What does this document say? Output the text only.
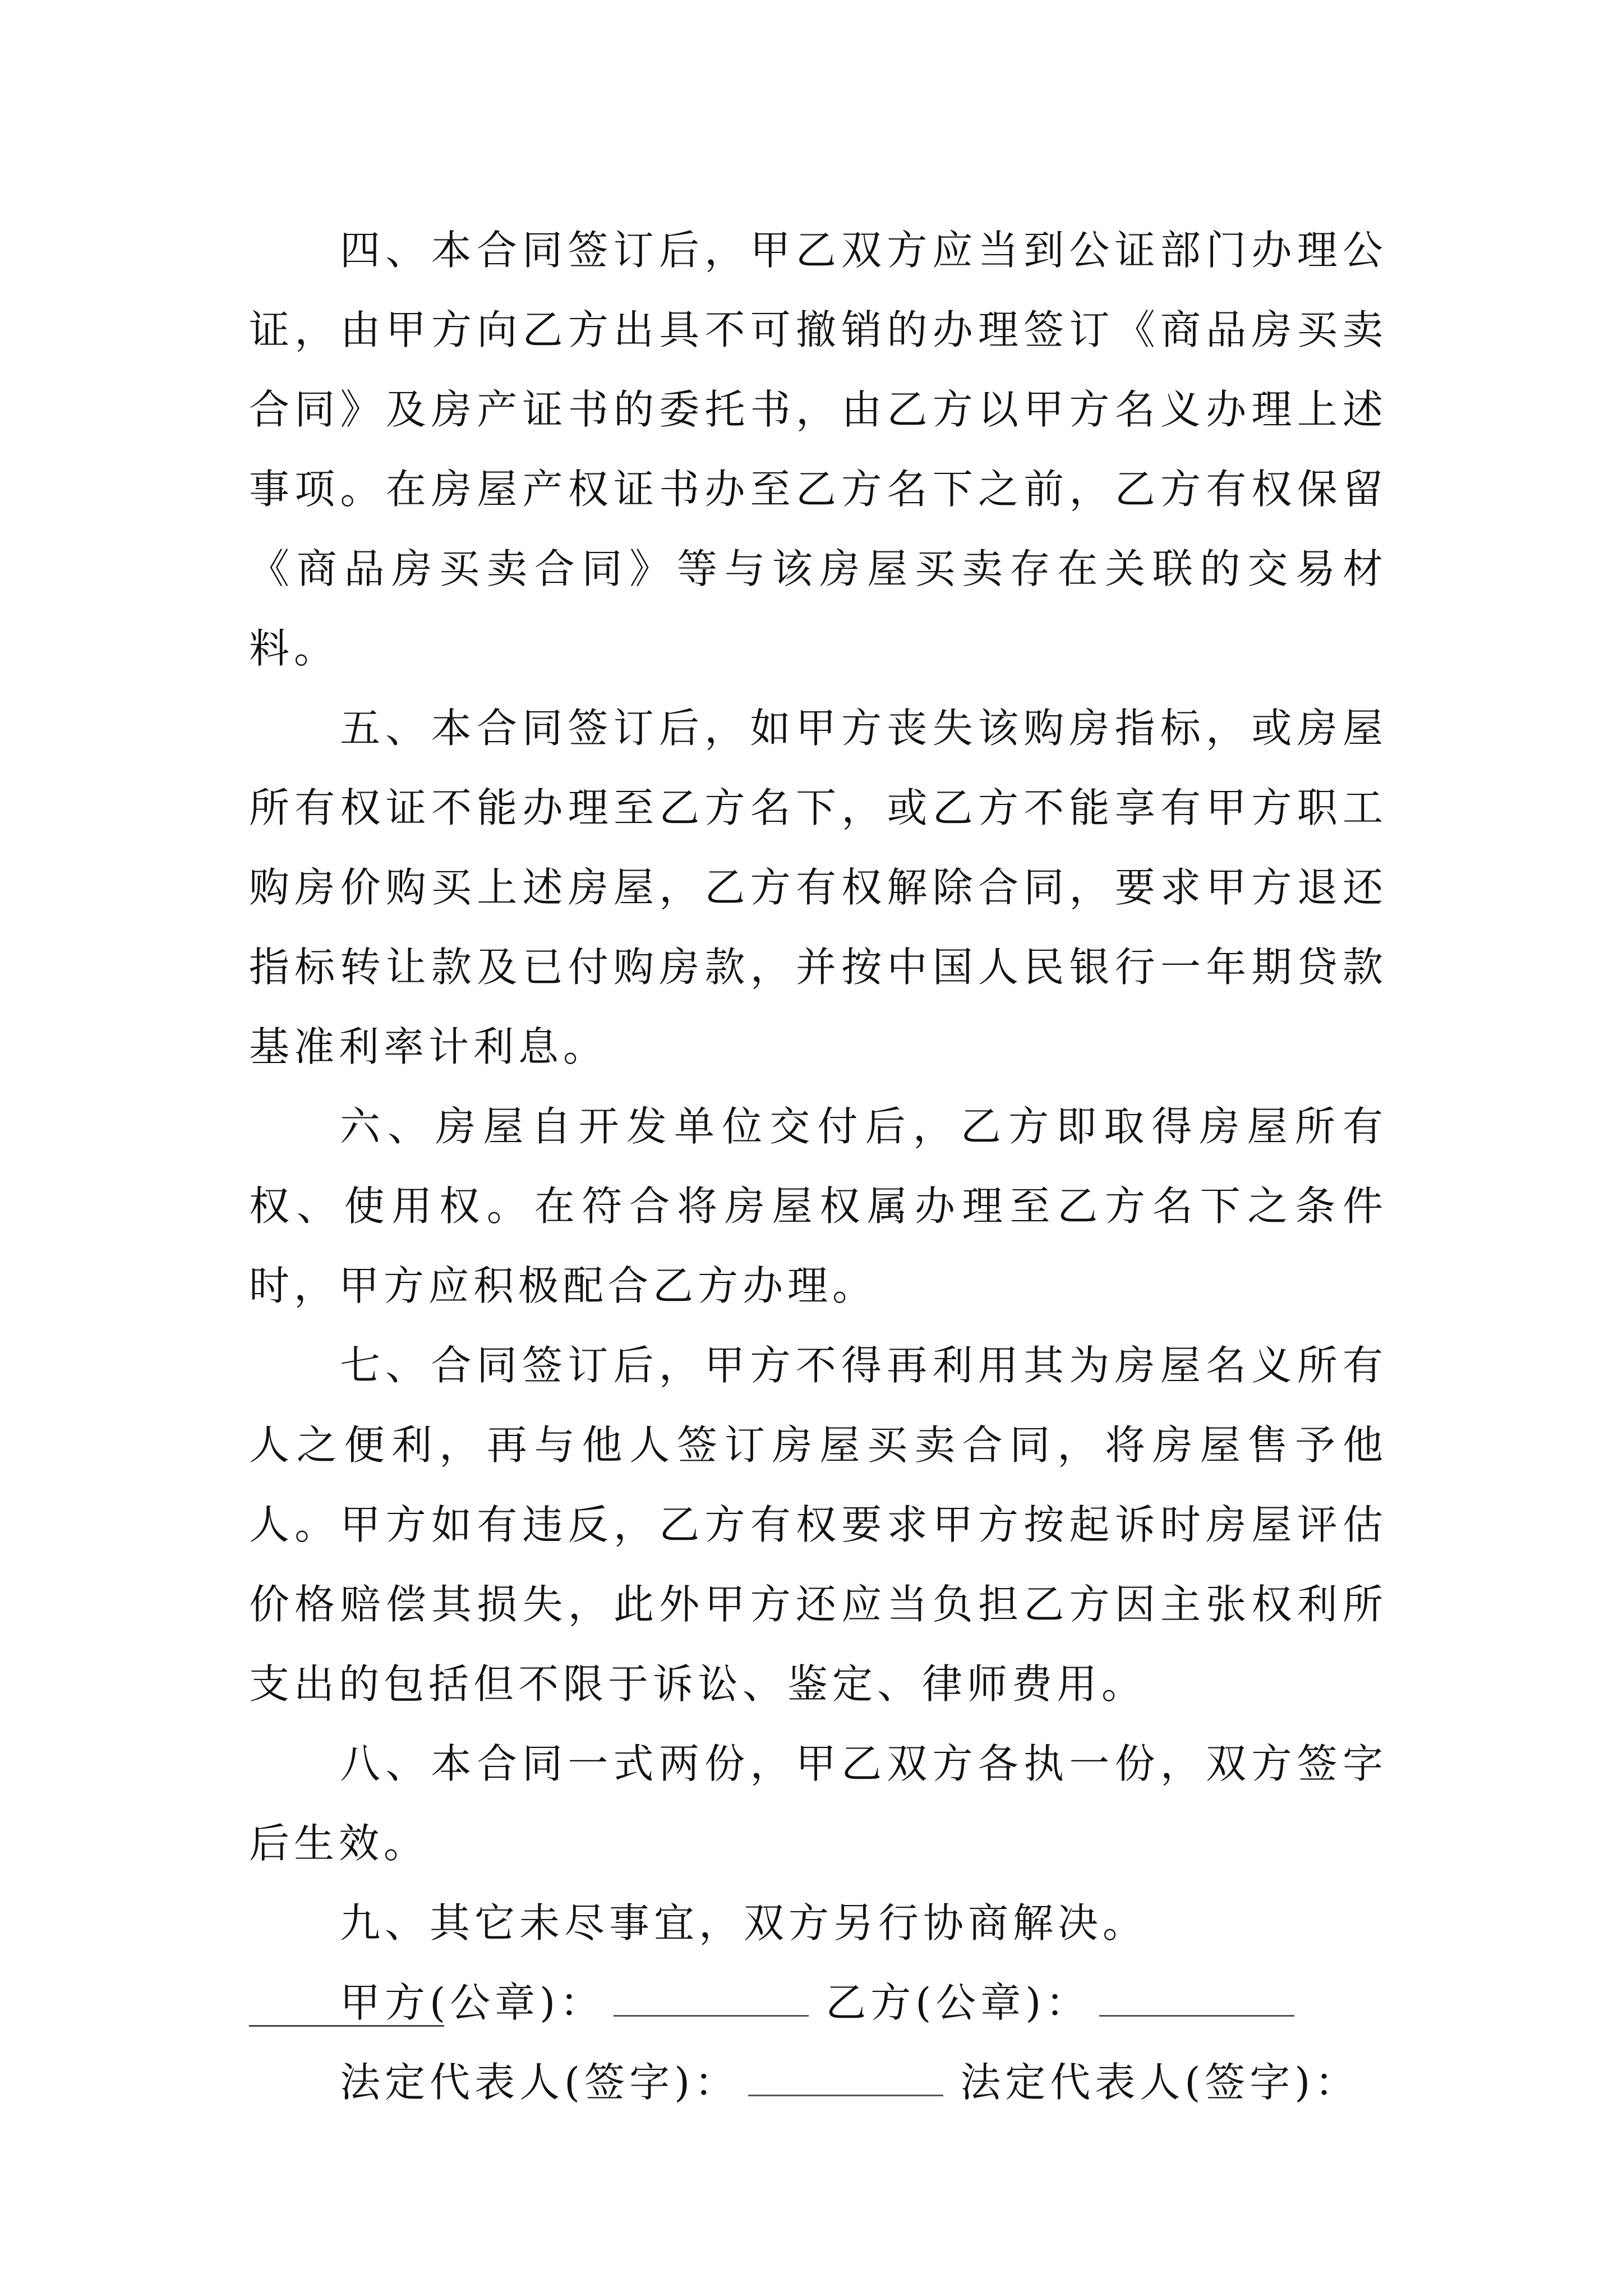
四、本合同签订后，甲乙双方应当到公证部门办理公证，由甲方向乙方出具不可撤销的办理签订《商品房买卖合同》及房产证书的委托书，由乙方以甲方名义办理上述事项。在房屋产权证书办至乙方名下之前，乙方有权保留《商品房买卖合同》等与该房屋买卖存在关联的交易材料。

五、本合同签订后，如甲方丧失该购房指标，或房屋所有权证不能办理至乙方名下，或乙方不能享有甲方职工购房价购买上述房屋，乙方有权解除合同，要求甲方退还指标转让款及已付购房款，并按中国人民银行一年期贷款基准利率计利息。

六、房屋自开发单位交付后，乙方即取得房屋所有权、使用权。在符合将房屋权属办理至乙方名下之条件时，甲方应积极配合乙方办理。

七、合同签订后，甲方不得再利用其为房屋名义所有人之便利，再与他人签订房屋买卖合同，将房屋售予他人。甲方如有违反，乙方有权要求甲方按起诉时房屋评估价格赔偿其损失，此外甲方还应当负担乙方因主张权利所支出的包括但不限于诉讼、鉴定、律师费用。

八、本合同一式两份，甲乙双方各执一份，双方签字后生效。

九、其它未尽事宜，双方另行协商解决。

甲方(公章)：	乙方(公章)：

法定代表人(签字)：	法定代表人(签字)：
